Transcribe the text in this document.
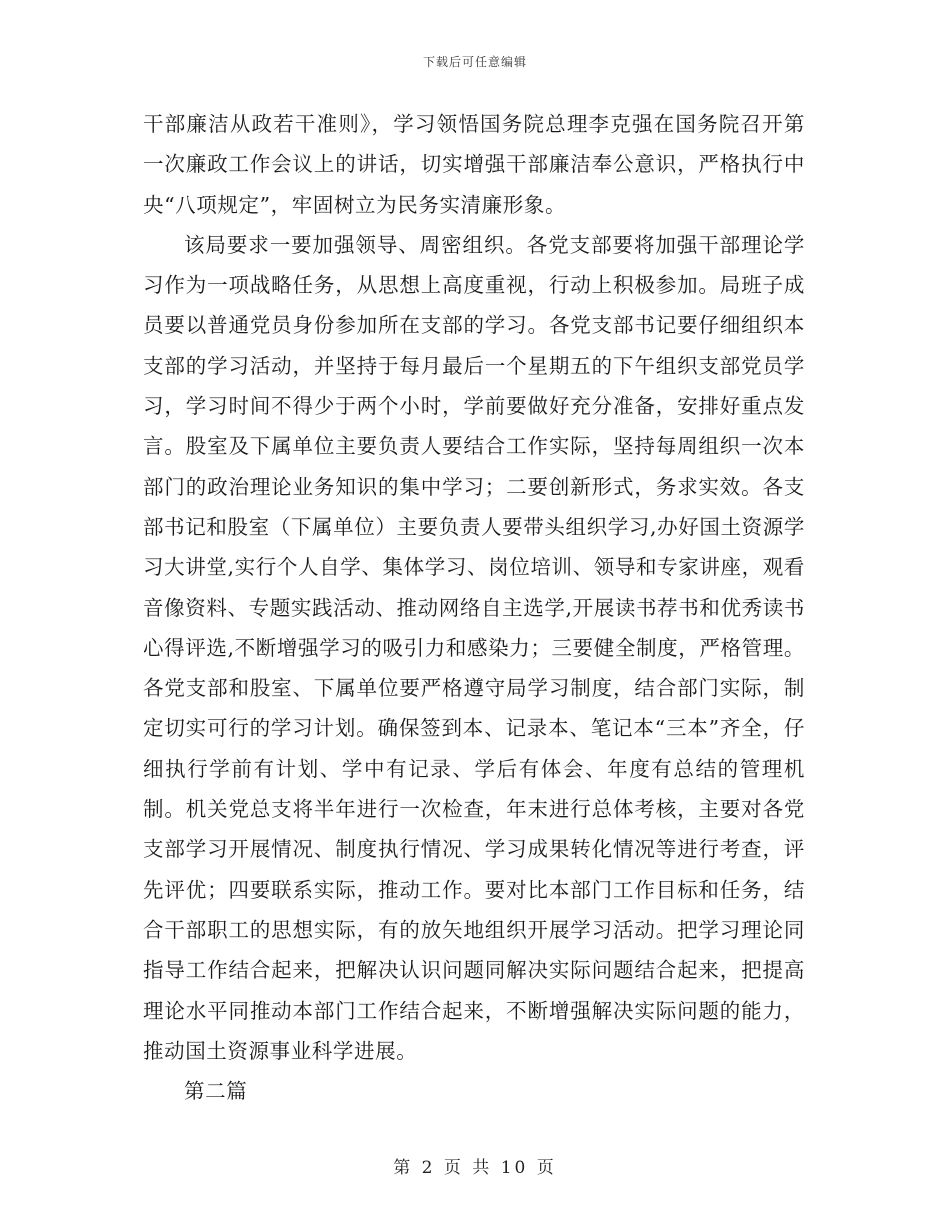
下载后可任意编辑

干部廉洁从政若干准则》，学习领悟国务院总理李克强在国务院召开第一次廉政工作会议上的讲话，切实增强干部廉洁奉公意识，严格执行中央“八项规定”，牢固树立为民务实清廉形象。

该局要求一要加强领导、周密组织。各党支部要将加强干部理论学习作为一项战略任务，从思想上高度重视，行动上积极参加。局班子成员要以普通党员身份参加所在支部的学习。各党支部书记要仔细组织本支部的学习活动，并坚持于每月最后一个星期五的下午组织支部党员学习，学习时间不得少于两个小时，学前要做好充分准备，安排好重点发言。股室及下属单位主要负责人要结合工作实际，坚持每周组织一次本部门的政治理论业务知识的集中学习；二要创新形式，务求实效。各支部书记和股室（下属单位）主要负责人要带头组织学习,办好国土资源学习大讲堂,实行个人自学、集体学习、岗位培训、领导和专家讲座，观看音像资料、专题实践活动、推动网络自主选学,开展读书荐书和优秀读书心得评选,不断增强学习的吸引力和感染力；三要健全制度，严格管理。各党支部和股室、下属单位要严格遵守局学习制度，结合部门实际，制定切实可行的学习计划。确保签到本、记录本、笔记本“三本”齐全，仔细执行学前有计划、学中有记录、学后有体会、年度有总结的管理机制。机关党总支将半年进行一次检查，年末进行总体考核，主要对各党支部学习开展情况、制度执行情况、学习成果转化情况等进行考查，评先评优；四要联系实际，推动工作。要对比本部门工作目标和任务，结合干部职工的思想实际，有的放矢地组织开展学习活动。把学习理论同指导工作结合起来，把解决认识问题同解决实际问题结合起来，把提高理论水平同推动本部门工作结合起来，不断增强解决实际问题的能力，推动国土资源事业科学进展。

第二篇

第 2 页 共 10 页
